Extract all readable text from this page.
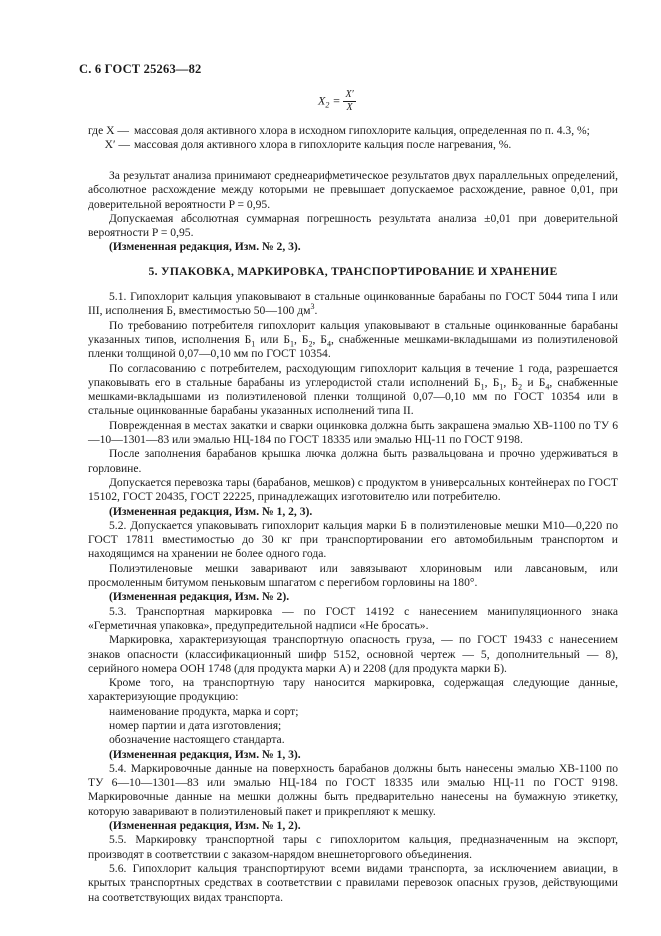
С. 6 ГОСТ 25263—82
$X_2 = \frac{X'}{X}$
где X — массовая доля активного хлора в исходном гипохлорите кальция, определенная по п. 4.3, %;
X′ — массовая доля активного хлора в гипохлорите кальция после нагревания, %.

За результат анализа принимают среднеарифметическое результатов двух параллельных определений, абсолютное расхождение между которыми не превышает допускаемое расхождение, равное 0,01, при доверительной вероятности P = 0,95.

Допускаемая абсолютная суммарная погрешность результата анализа ±0,01 при доверительной вероятности P = 0,95.

(Измененная редакция, Изм. № 2, 3).

5. УПАКОВКА, МАРКИРОВКА, ТРАНСПОРТИРОВАНИЕ И ХРАНЕНИЕ

5.1. Гипохлорит кальция упаковывают в стальные оцинкованные барабаны по ГОСТ 5044 типа I или III, исполнения Б, вместимостью 50—100 $дм^3$.

По требованию потребителя гипохлорит кальция упаковывают в стальные оцинкованные барабаны указанных типов, исполнения $Б_1$ или $Б_1$, $Б_2$, $Б_4$, снабженные мешками-вкладышами из полиэтиленовой пленки толщиной 0,07—0,10 мм по ГОСТ 10354.

По согласованию с потребителем, расходующим гипохлорит кальция в течение 1 года, разрешается упаковывать его в стальные барабаны из углеродистой стали исполнений $Б_1$, $Б_1$, $Б_2$ и $Б_4$, снабженные мешками-вкладышами из полиэтиленовой пленки толщиной 0,07—0,10 мм по ГОСТ 10354 или в стальные оцинкованные барабаны указанных исполнений типа II.

Поврежденная в местах закатки и сварки оцинковка должна быть закрашена эмалью ХВ-1100 по ТУ 6—10—1301—83 или эмалью НЦ-184 по ГОСТ 18335 или эмалью НЦ-11 по ГОСТ 9198.

После заполнения барабанов крышка лючка должна быть развальцована и прочно удерживаться в горловине.

Допускается перевозка тары (барабанов, мешков) с продуктом в универсальных контейнерах по ГОСТ 15102, ГОСТ 20435, ГОСТ 22225, принадлежащих изготовителю или потребителю.

(Измененная редакция, Изм. № 1, 2, 3).

5.2. Допускается упаковывать гипохлорит кальция марки Б в полиэтиленовые мешки М10—0,220 по ГОСТ 17811 вместимостью до 30 кг при транспортировании его автомобильным транспортом и находящимся на хранении не более одного года.

Полиэтиленовые мешки заваривают или завязывают хлориновым или лавсановым, или просмоленным битумом пеньковым шпагатом с перегибом горловины на 180°.

(Измененная редакция, Изм. № 2).

5.3. Транспортная маркировка — по ГОСТ 14192 с нанесением манипуляционного знака «Герметичная упаковка», предупредительной надписи «Не бросать».

Маркировка, характеризующая транспортную опасность груза, — по ГОСТ 19433 с нанесением знаков опасности (классификационный шифр 5152, основной чертеж — 5, дополнительный — 8), серийного номера ООН 1748 (для продукта марки А) и 2208 (для продукта марки Б).

Кроме того, на транспортную тару наносится маркировка, содержащая следующие данные, характеризующие продукцию:

наименование продукта, марка и сорт;

номер партии и дата изготовления;

обозначение настоящего стандарта.

(Измененная редакция, Изм. № 1, 3).

5.4. Маркировочные данные на поверхность барабанов должны быть нанесены эмалью ХВ-1100 по ТУ 6—10—1301—83 или эмалью НЦ-184 по ГОСТ 18335 или эмалью НЦ-11 по ГОСТ 9198. Маркировочные данные на мешки должны быть предварительно нанесены на бумажную этикетку, которую заваривают в полиэтиленовый пакет и прикрепляют к мешку.

(Измененная редакция, Изм. № 1, 2).

5.5. Маркировку транспортной тары с гипохлоритом кальция, предназначенным на экспорт, производят в соответствии с заказом-нарядом внешнеторгового объединения.

5.6. Гипохлорит кальция транспортируют всеми видами транспорта, за исключением авиации, в крытых транспортных средствах в соответствии с правилами перевозок опасных грузов, действующими на соответствующих видах транспорта.
